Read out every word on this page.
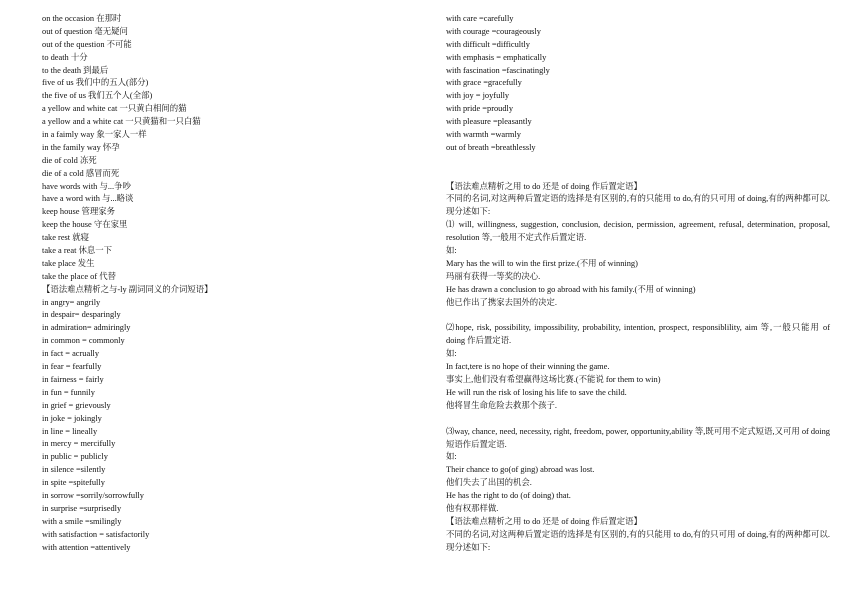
on the occasion 在那时
out of question 毫无疑问
out of the question 不可能
to death 十分
to the death 到最后
five of us 我们中的五人(部分)
the five of us 我们五个人(全部)
a yellow and white cat 一只黄白相间的猫
a yellow and a white cat 一只黄猫和一只白猫
in a faimly way 象一家人一样
in the family way 怀孕
die of cold 冻死
die of a cold 感冒而死
have words with 与...争吵
have a word with 与...略谈
keep house 管理家务
keep the house 守在家里
take rest 就寝
take a reat 休息一下
take place 发生
take the place of 代替
【语法难点精析之与-ly 副词同义的介词短语】
in angry= angrily
in despair= desparingly
in admiration= admiringly
in common = commonly
in fact = acrually
in fear = fearfully
in fairness = fairly
in fun = funnily
in grief = grievously
in joke = jokingly
in line = lineally
in mercy = mercifully
in public = publicly
in silence =silently
in spite =spitefully
in sorrow =sorrily/sorrowfully
in surprise =surprisedly
with a smile =smilingly
with satisfaction = satisfactorily
with attention =attentively
with care =carefully
with courage =courageously
with difficult =difficultly
with emphasis = emphatically
with fascination =fascinatingly
with grace =gracefully
with joy = joyfully
with pride =proudly
with pleasure =pleasantly
with warmth =warmly
out of breath =breathlessly
【语法难点精析之用 to do 还是 of doing 作后置定语】
不同的名词,对这两种后置定语的选择是有区别的,有的只能用 to do,有的只可用 of doing,有的两种都可以.现分述如下:
⑴ will, willingness, suggestion, conclusion, decision, permission, agreement, refusal, determination, proposal, resolution 等,一般用不定式作后置定语.
如:
Mary has the will to win the first prize.(不用 of winning)
玛丽有获得一等奖的决心.
He has drawn a conclusion to go abroad with his family.(不用 of winning)
他已作出了携家去国外的决定.
⑵hope, risk, possibility, impossibility, probability, intention, prospect, responsiblility, aim 等,一般只能用 of doing 作后置定语.
如:
In fact,tere is no hope of their winning the game.
事实上,他们没有希望赢得这场比赛.(不能说 for them to win)
He will run the risk of losing his life to save the child.
他将冒生命危险去救那个孩子.
⑶way, chance, need, necessity, right, freedom, power, opportunity,ability 等,既可用不定式短语,又可用 of doing 短语作后置定语.
如:
Their chance to go(of ging) abroad was lost.
他们失去了出国的机会.
He has the right to do (of doing) that.
他有权那样做.
【语法难点精析之用 to do 还是 of doing 作后置定语】
不同的名词,对这两种后置定语的选择是有区别的,有的只能用 to do,有的只可用 of doing,有的两种都可以.现分述如下:
